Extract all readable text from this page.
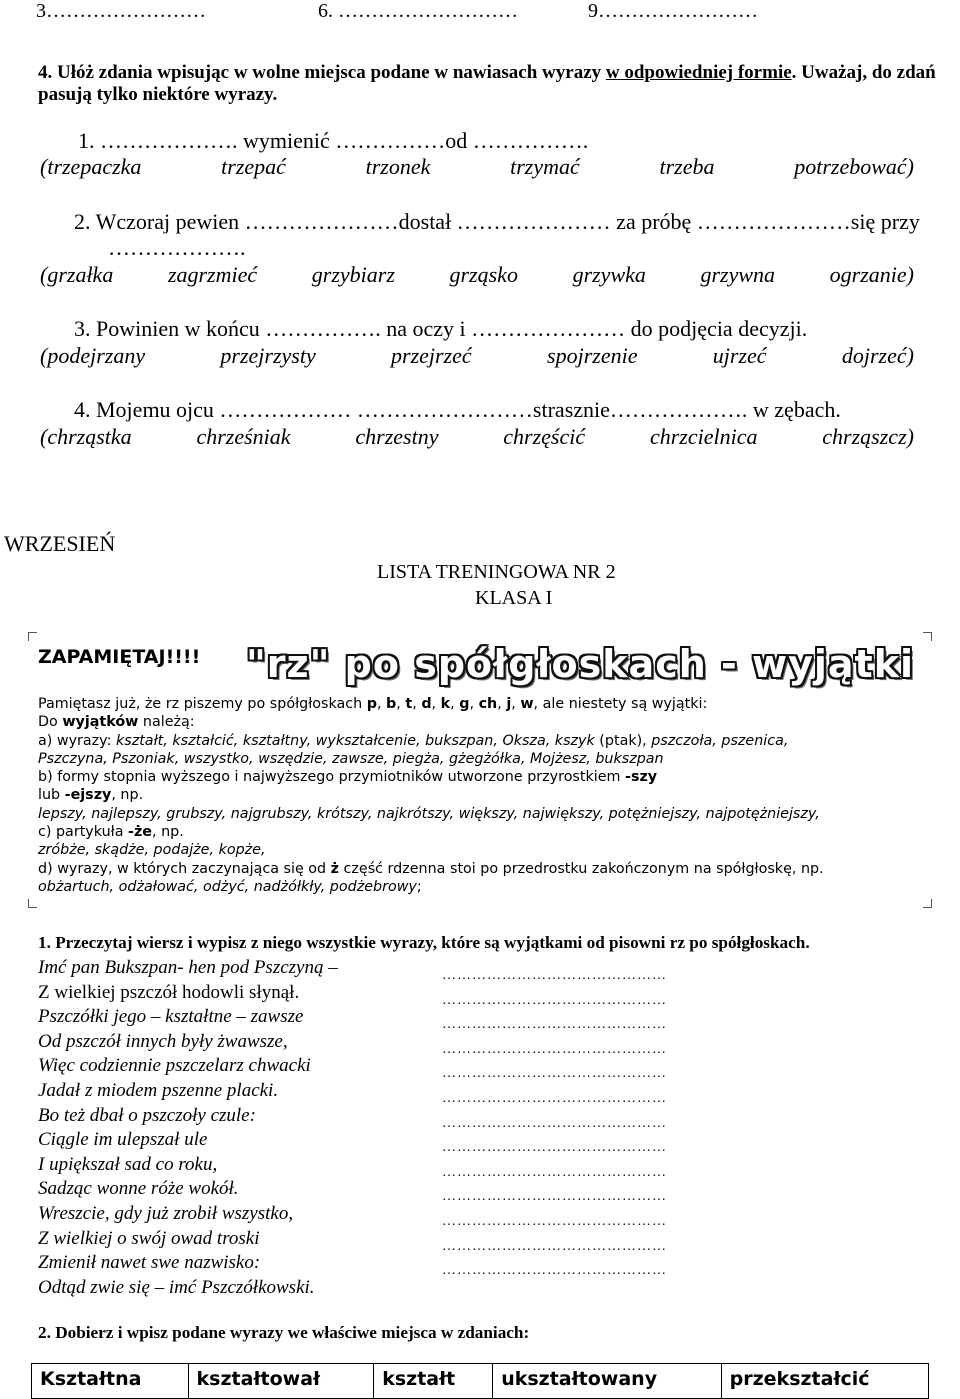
3……………………	6. ………………………	9……………………
4. Ułóż zdania wpisując w wolne miejsca podane w nawiasach wyrazy w odpowiedniej formie. Uważaj, do zdań
pasują tylko niektóre wyrazy.
1. ………………. wymienić ……………od …………….
(trzepaczka	trzepać	trzonek	trzymać	trzeba	potrzebować)
2. Wczoraj pewien …………………dostał ………………… za próbę …………………się przy
……………….
(grzałka zagrzmieć grzybiarz grząsko grzywka grzywna ogrzanie)
3. Powinien w końcu ……………. na oczy i ………………… do podjęcia decyzji.
(podejrzany	przejrzysty	przejrzeć	spojrzenie	ujrzeć	dojrzeć)
4. Mojemu ojcu ……………… ……………………strasznie………………. w zębach.
(chrząstka	chrześniak	chrzestny	chrzęścić	chrzcielnica	chrząszcz)
WRZESIEŃ
LISTA TRENINGOWA NR 2
KLASA I
ZAPAMIĘTAJ!!!! "rz" po spółgłoskach - wyjątki
Pamiętasz już, że rz piszemy po spółgłoskach p, b, t, d, k, g, ch, j, w, ale niestety są wyjątki:
Do wyjątków należą:
a) wyrazy: kształt, kształcić, kształtny, wykształcenie, bukszpan, Oksza, kszyk (ptak), pszczoła, pszenica,
Pszczyna, Pszoniak, wszystko, wszędzie, zawsze, piegża, gżegżółka, Mojżesz, bukszpan
b) formy stopnia wyższego i najwyższego przymiotników utworzone przyrostkiem -szy
lub -ejszy, np.
lepszy, najlepszy, grubszy, najgrubszy, krótszy, najkrótszy, większy, największy, potężniejszy, najpotężniejszy,
c) partykuła -że, np.
zróbże, skądże, podajże, kopże,
d) wyrazy, w których zaczynająca się od ż część rdzenna stoi po przedrostku zakończonym na spółgłoskę, np.
obżartuch, odżałować, odżyć, nadżółkły, podżebrowy;
1. Przeczytaj wiersz i wypisz z niego wszystkie wyrazy, które są wyjątkami od pisowni rz po spółgłoskach.
Imć pan Bukszpan- hen pod Pszczyną –
Z wielkiej pszczół hodowli słynął.
Pszczółki jego – kształtne – zawsze
Od pszczół innych były żwawsze,
Więc codziennie pszczelarz chwacki
Jadał z miodem pszenne placki.
Bo też dbał o pszczoły czule:
Ciągle im ulepszał ule
I upiększał sad co roku,
Sadząc wonne róże wokół.
Wreszcie, gdy już zrobił wszystko,
Z wielkiej o swój owad troski
Zmienił nawet swe nazwisko:
Odtąd zwie się – imć Pszczółkowski.
………………………………………
………………………………………
………………………………………
………………………………………
………………………………………
………………………………………
………………………………………
………………………………………
………………………………………
………………………………………
………………………………………
………………………………………
………………………………………
2. Dobierz i wpisz podane wyrazy we właściwe miejsca w zdaniach:
Kształtna	kształtował	kształt	ukształtowany	przekształcić
